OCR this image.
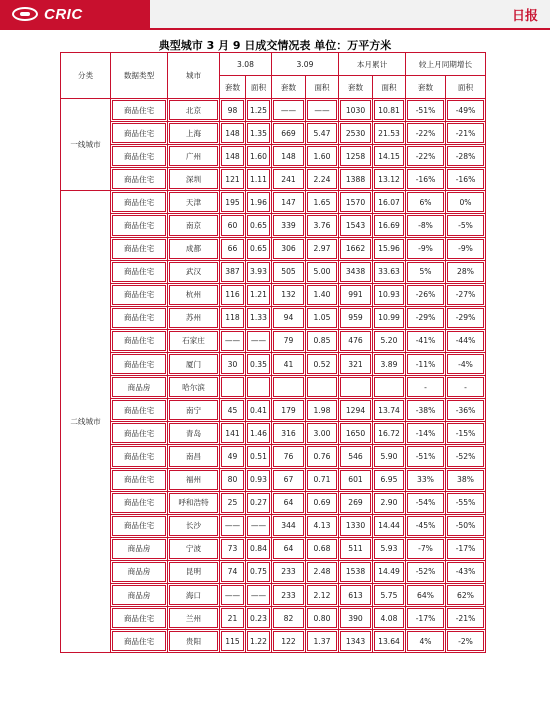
CRIC	日报
典型城市 3 月 9 日成交情况表 单位：万平方米
分类	数据类型	城市	3.08		3.09		本月累计		较上月同期增长	
			套数	面积	套数	面积	套数	面积	套数	面积
一线城市	商品住宅	北京	98	1.25	——	——	1030	10.81	-51%	-49%

商品住宅	上海	148	1.35	669	5.47	2530	21.53	-22%	-21%

商品住宅	广州	148	1.60	148	1.60	1258	14.15	-22%	-28%

商品住宅	深圳	121	1.11	241	2.24	1388	13.12	-16%	-16%

二线城市	商品住宅	天津	195	1.96	147	1.65	1570	16.07	6%	0%

商品住宅	南京	60	0.65	339	3.76	1543	16.69	-8%	-5%

商品住宅	成都	66	0.65	306	2.97	1662	15.96	-9%	-9%

商品住宅	武汉	387	3.93	505	5.00	3438	33.63	5%	28%

商品住宅	杭州	116	1.21	132	1.40	991	10.93	-26%	-27%

商品住宅	苏州	118	1.33	94	1.05	959	10.99	-29%	-29%

商品住宅	石家庄	——	——	79	0.85	476	5.20	-41%	-44%

商品住宅	厦门	30	0.35	41	0.52	321	3.89	-11%	-4%

商品房	哈尔滨							-	-

商品住宅	南宁	45	0.41	179	1.98	1294	13.74	-38%	-36%

商品住宅	青岛	141	1.46	316	3.00	1650	16.72	-14%	-15%

商品住宅	南昌	49	0.51	76	0.76	546	5.90	-51%	-52%

商品住宅	福州	80	0.93	67	0.71	601	6.95	33%	38%

商品住宅	呼和浩特	25	0.27	64	0.69	269	2.90	-54%	-55%

商品住宅	长沙	——	——	344	4.13	1330	14.44	-45%	-50%

商品房	宁波	73	0.84	64	0.68	511	5.93	-7%	-17%

商品房	昆明	74	0.75	233	2.48	1538	14.49	-52%	-43%

商品房	海口	——	——	233	2.12	613	5.75	64%	62%

商品住宅	兰州	21	0.23	82	0.80	390	4.08	-17%	-21%

商品住宅	贵阳	115	1.22	122	1.37	1343	13.64	4%	-2%
